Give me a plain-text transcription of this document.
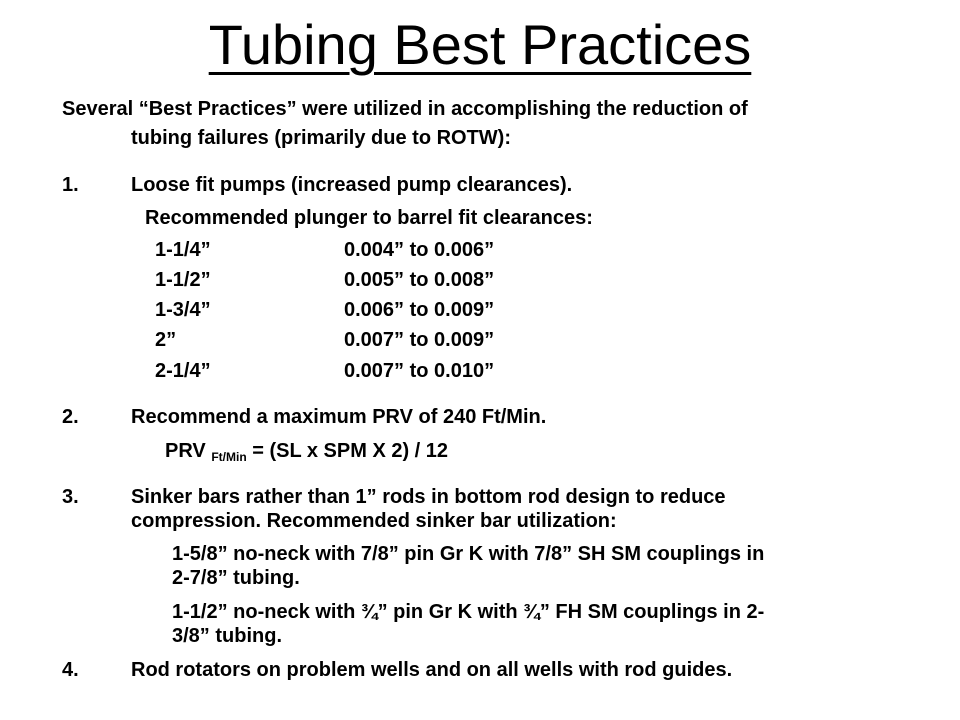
Tubing Best Practices
Several “Best Practices” were utilized in accomplishing the reduction of
tubing failures (primarily due to ROTW):
1.	Loose fit pumps (increased pump clearances).
Recommended plunger to barrel fit clearances:
1-1/4”	0.004” to 0.006”
1-1/2”	0.005” to 0.008”
1-3/4”	0.006” to 0.009”
2”	0.007” to 0.009”
2-1/4”	0.007” to 0.010”
2.	Recommend a maximum PRV of 240 Ft/Min.
PRV $_{Ft/Min}$ = (SL x SPM X 2) / 12
3.	Sinker bars rather than 1” rods in bottom rod design to reduce
compression. Recommended sinker bar utilization:
1-5/8” no-neck with 7/8” pin Gr K with 7/8” SH SM couplings in
2-7/8” tubing.
1-1/2” no-neck with ¾” pin Gr K with ¾” FH SM couplings in 2-
3/8” tubing.
4.	Rod rotators on problem wells and on all wells with rod guides.
